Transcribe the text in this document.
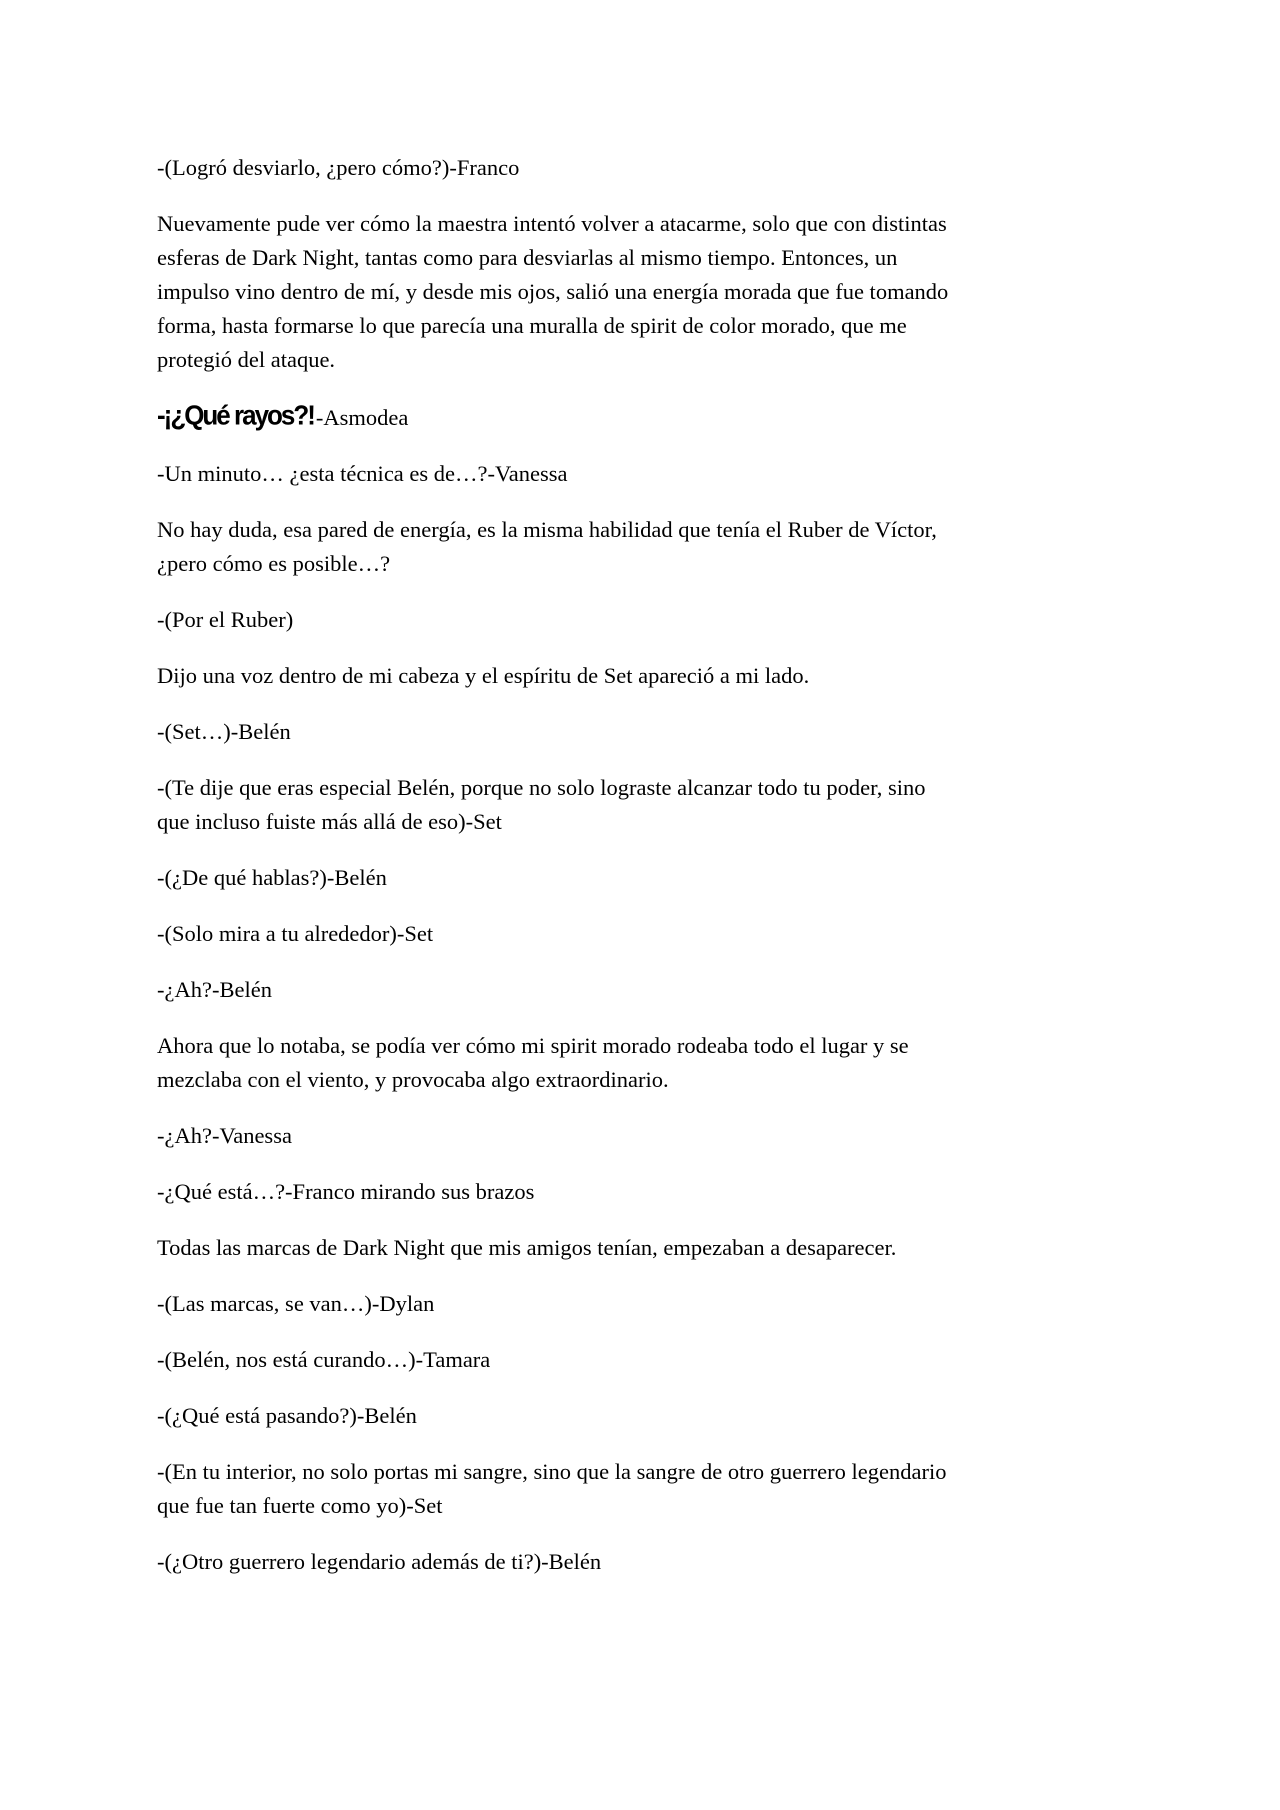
-(Logró desviarlo, ¿pero cómo?)-Franco

Nuevamente pude ver cómo la maestra intentó volver a atacarme, solo que con distintas
esferas de Dark Night, tantas como para desviarlas al mismo tiempo. Entonces, un
impulso vino dentro de mí, y desde mis ojos, salió una energía morada que fue tomando
forma, hasta formarse lo que parecía una muralla de spirit de color morado, que me
protegió del ataque.

-¡¿Qué rayos?!-Asmodea

-Un minuto… ¿esta técnica es de…?-Vanessa

No hay duda, esa pared de energía, es la misma habilidad que tenía el Ruber de Víctor,
¿pero cómo es posible…?

-(Por el Ruber)

Dijo una voz dentro de mi cabeza y el espíritu de Set apareció a mi lado.

-(Set…)-Belén

-(Te dije que eras especial Belén, porque no solo lograste alcanzar todo tu poder, sino
que incluso fuiste más allá de eso)-Set

-(¿De qué hablas?)-Belén

-(Solo mira a tu alrededor)-Set

-¿Ah?-Belén

Ahora que lo notaba, se podía ver cómo mi spirit morado rodeaba todo el lugar y se
mezclaba con el viento, y provocaba algo extraordinario.

-¿Ah?-Vanessa

-¿Qué está…?-Franco mirando sus brazos

Todas las marcas de Dark Night que mis amigos tenían, empezaban a desaparecer.

-(Las marcas, se van…)-Dylan

-(Belén, nos está curando…)-Tamara

-(¿Qué está pasando?)-Belén

-(En tu interior, no solo portas mi sangre, sino que la sangre de otro guerrero legendario
que fue tan fuerte como yo)-Set

-(¿Otro guerrero legendario además de ti?)-Belén
